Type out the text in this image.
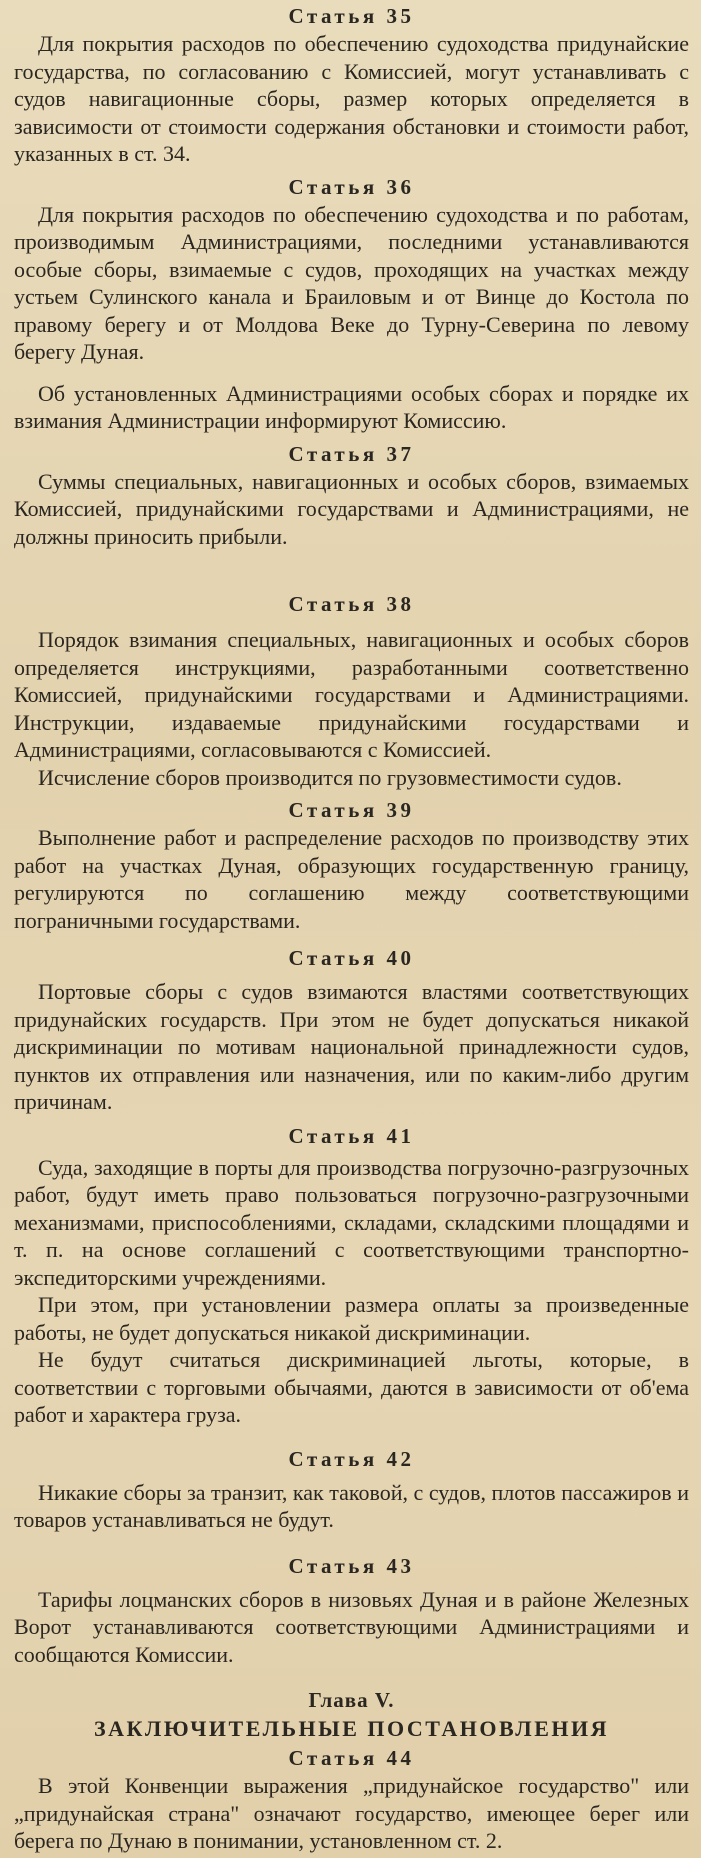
Статья 35

Для покрытия расходов по обеспечению судоходства придунайские государства, по согласованию с Комиссией, могут устанавливать с судов навигационные сборы, размер которых определяется в зависимости от стоимости содержания обстановки и стоимости работ, указанных в ст. 34.

Статья 36

Для покрытия расходов по обеспечению судоходства и по работам, производимым Администрациями, последними устанавливаются особые сборы, взимаемые с судов, проходящих на участках между устьем Сулинского канала и Браиловым и от Винце до Костола по правому берегу и от Молдова Веке до Турну-Северина по левому берегу Дуная.

Об установленных Администрациями особых сборах и порядке их взимания Администрации информируют Комиссию.

Статья 37

Суммы специальных, навигационных и особых сборов, взимаемых Комиссией, придунайскими государствами и Администрациями, не должны приносить прибыли.

Статья 38

Порядок взимания специальных, навигационных и особых сборов определяется инструкциями, разработанными соответственно Комиссией, придунайскими государствами и Администрациями. Инструкции, издаваемые придунайскими государствами и Администрациями, согласовываются с Комиссией.

Исчисление сборов производится по грузовместимости судов.

Статья 39

Выполнение работ и распределение расходов по производству этих работ на участках Дуная, образующих государственную границу, регулируются по соглашению между соответствующими пограничными государствами.

Статья 40

Портовые сборы с судов взимаются властями соответствующих придунайских государств. При этом не будет допускаться никакой дискриминации по мотивам национальной принадлежности судов, пунктов их отправления или назначения, или по каким-либо другим причинам.

Статья 41

Суда, заходящие в порты для производства погрузочно-разгрузочных работ, будут иметь право пользоваться погрузочно-разгрузочными механизмами, приспособлениями, складами, складскими площадями и т. п. на основе соглашений с соответствующими транспортно-экспедиторскими учреждениями.

При этом, при установлении размера оплаты за произведенные работы, не будет допускаться никакой дискриминации.

Не будут считаться дискриминацией льготы, которые, в соответствии с торговыми обычаями, даются в зависимости от об'ема работ и характера груза.

Статья 42

Никакие сборы за транзит, как таковой, с судов, плотов пассажиров и товаров устанавливаться не будут.

Статья 43

Тарифы лоцманских сборов в низовьях Дуная и в районе Железных Ворот устанавливаются соответствующими Администрациями и сообщаются Комиссии.

Глава V.
ЗАКЛЮЧИТЕЛЬНЫЕ ПОСТАНОВЛЕНИЯ
Статья 44

В этой Конвенции выражения „придунайское государство" или „придунайская страна" означают государство, имеющее берег или берега по Дунаю в понимании, установленном ст. 2.
